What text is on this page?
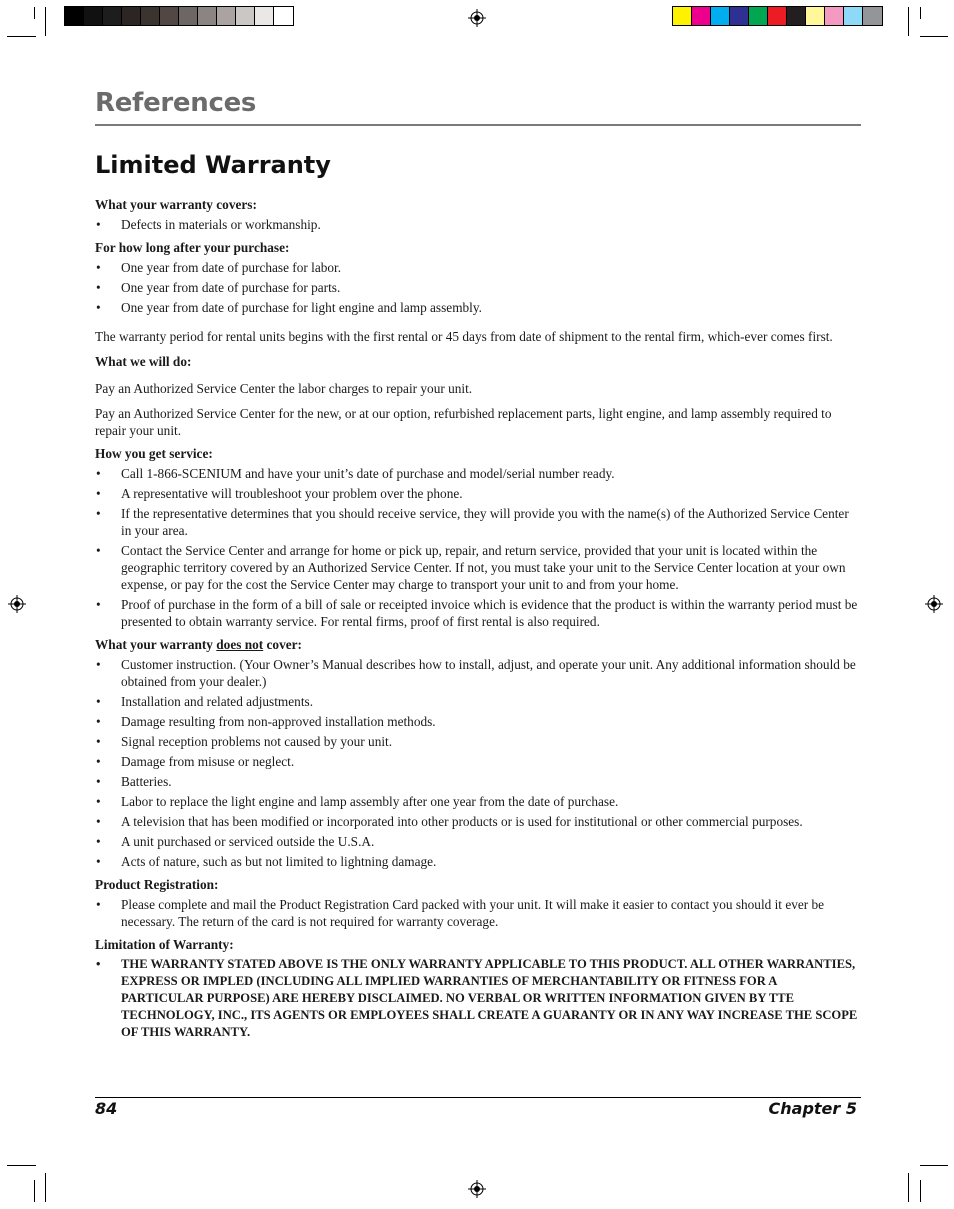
References
Limited Warranty
What your warranty covers:
• Defects in materials or workmanship.
For how long after your purchase:
• One year from date of purchase for labor.
• One year from date of purchase for parts.
• One year from date of purchase for light engine and lamp assembly.
The warranty period for rental units begins with the first rental or 45 days from date of shipment to the rental firm, which-ever comes first.
What we will do:
Pay an Authorized Service Center the labor charges to repair your unit.
Pay an Authorized Service Center for the new, or at our option, refurbished replacement parts, light engine, and lamp assembly required to repair your unit.
How you get service:
• Call 1-866-SCENIUM and have your unit’s date of purchase and model/serial number ready.
• A representative will troubleshoot your problem over the phone.
• If the representative determines that you should receive service, they will provide you with the name(s) of the Authorized Service Center in your area.
• Contact the Service Center and arrange for home or pick up, repair, and return service, provided that your unit is located within the geographic territory covered by an Authorized Service Center. If not, you must take your unit to the Service Center location at your own expense, or pay for the cost the Service Center may charge to transport your unit to and from your home.
• Proof of purchase in the form of a bill of sale or receipted invoice which is evidence that the product is within the warranty period must be presented to obtain warranty service. For rental firms, proof of first rental is also required.
What your warranty does not cover:
• Customer instruction. (Your Owner’s Manual describes how to install, adjust, and operate your unit. Any additional information should be obtained from your dealer.)
• Installation and related adjustments.
• Damage resulting from non-approved installation methods.
• Signal reception problems not caused by your unit.
• Damage from misuse or neglect.
• Batteries.
• Labor to replace the light engine and lamp assembly after one year from the date of purchase.
• A television that has been modified or incorporated into other products or is used for institutional or other commercial purposes.
• A unit purchased or serviced outside the U.S.A.
• Acts of nature, such as but not limited to lightning damage.
Product Registration:
• Please complete and mail the Product Registration Card packed with your unit. It will make it easier to contact you should it ever be necessary. The return of the card is not required for warranty coverage.
Limitation of Warranty:
• THE WARRANTY STATED ABOVE IS THE ONLY WARRANTY APPLICABLE TO THIS PRODUCT. ALL OTHER WARRANTIES, EXPRESS OR IMPLED (INCLUDING ALL IMPLIED WARRANTIES OF MERCHANTABILITY OR FITNESS FOR A PARTICULAR PURPOSE) ARE HEREBY DISCLAIMED. NO VERBAL OR WRITTEN INFORMATION GIVEN BY TTE TECHNOLOGY, INC., ITS AGENTS OR EMPLOYEES SHALL CREATE A GUARANTY OR IN ANY WAY INCREASE THE SCOPE OF THIS WARRANTY.
84	Chapter 5
